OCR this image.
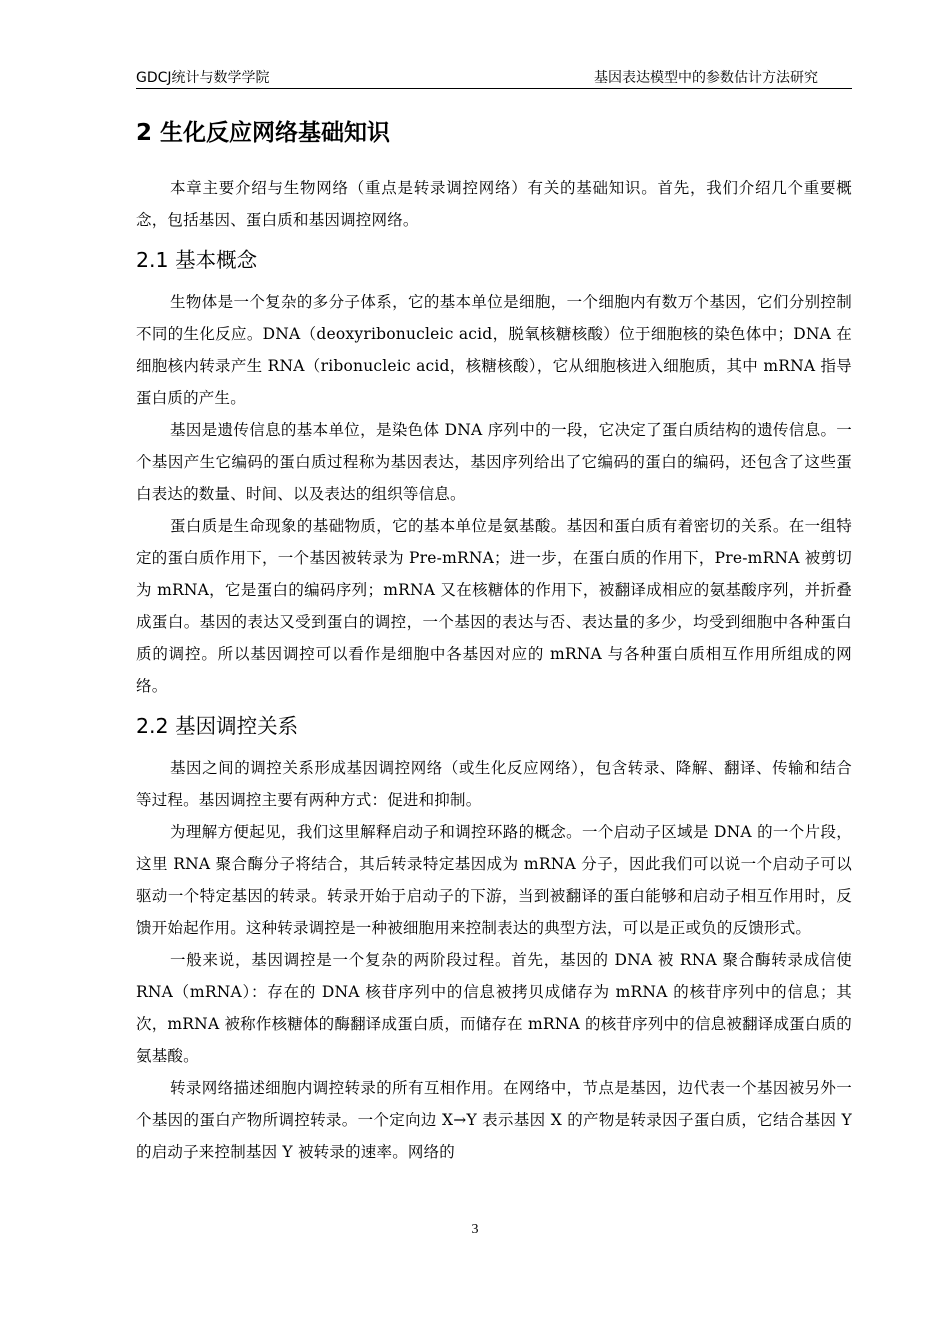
GDCJ统计与数学学院	基因表达模型中的参数估计方法研究
2 生化反应网络基础知识

本章主要介绍与生物网络（重点是转录调控网络）有关的基础知识。首先，我们介绍几个重要概念，包括基因、蛋白质和基因调控网络。

2.1 基本概念

生物体是一个复杂的多分子体系，它的基本单位是细胞，一个细胞内有数万个基因，它们分别控制不同的生化反应。DNA（deoxyribonucleic acid，脱氧核糖核酸）位于细胞核的染色体中；DNA 在细胞核内转录产生 RNA（ribonucleic acid，核糖核酸），它从细胞核进入细胞质，其中 mRNA 指导蛋白质的产生。

基因是遗传信息的基本单位，是染色体 DNA 序列中的一段，它决定了蛋白质结构的遗传信息。一个基因产生它编码的蛋白质过程称为基因表达，基因序列给出了它编码的蛋白的编码，还包含了这些蛋白表达的数量、时间、以及表达的组织等信息。

蛋白质是生命现象的基础物质，它的基本单位是氨基酸。基因和蛋白质有着密切的关系。在一组特定的蛋白质作用下，一个基因被转录为 Pre-mRNA；进一步，在蛋白质的作用下，Pre-mRNA 被剪切为 mRNA，它是蛋白的编码序列；mRNA 又在核糖体的作用下，被翻译成相应的氨基酸序列，并折叠成蛋白。基因的表达又受到蛋白的调控，一个基因的表达与否、表达量的多少，均受到细胞中各种蛋白质的调控。所以基因调控可以看作是细胞中各基因对应的 mRNA 与各种蛋白质相互作用所组成的网络。

2.2 基因调控关系

基因之间的调控关系形成基因调控网络（或生化反应网络），包含转录、降解、翻译、传输和结合等过程。基因调控主要有两种方式：促进和抑制。

为理解方便起见，我们这里解释启动子和调控环路的概念。一个启动子区域是 DNA 的一个片段，这里 RNA 聚合酶分子将结合，其后转录特定基因成为 mRNA 分子，因此我们可以说一个启动子可以驱动一个特定基因的转录。转录开始于启动子的下游，当到被翻译的蛋白能够和启动子相互作用时，反馈开始起作用。这种转录调控是一种被细胞用来控制表达的典型方法，可以是正或负的反馈形式。

一般来说，基因调控是一个复杂的两阶段过程。首先，基因的 DNA 被 RNA 聚合酶转录成信使 RNA（mRNA）：存在的 DNA 核苷序列中的信息被拷贝成储存为 mRNA 的核苷序列中的信息；其次，mRNA 被称作核糖体的酶翻译成蛋白质，而储存在 mRNA 的核苷序列中的信息被翻译成蛋白质的氨基酸。

转录网络描述细胞内调控转录的所有互相作用。在网络中，节点是基因，边代表一个基因被另外一个基因的蛋白产物所调控转录。一个定向边 X→Y 表示基因 X 的产物是转录因子蛋白质，它结合基因 Y 的启动子来控制基因 Y 被转录的速率。网络的

3
